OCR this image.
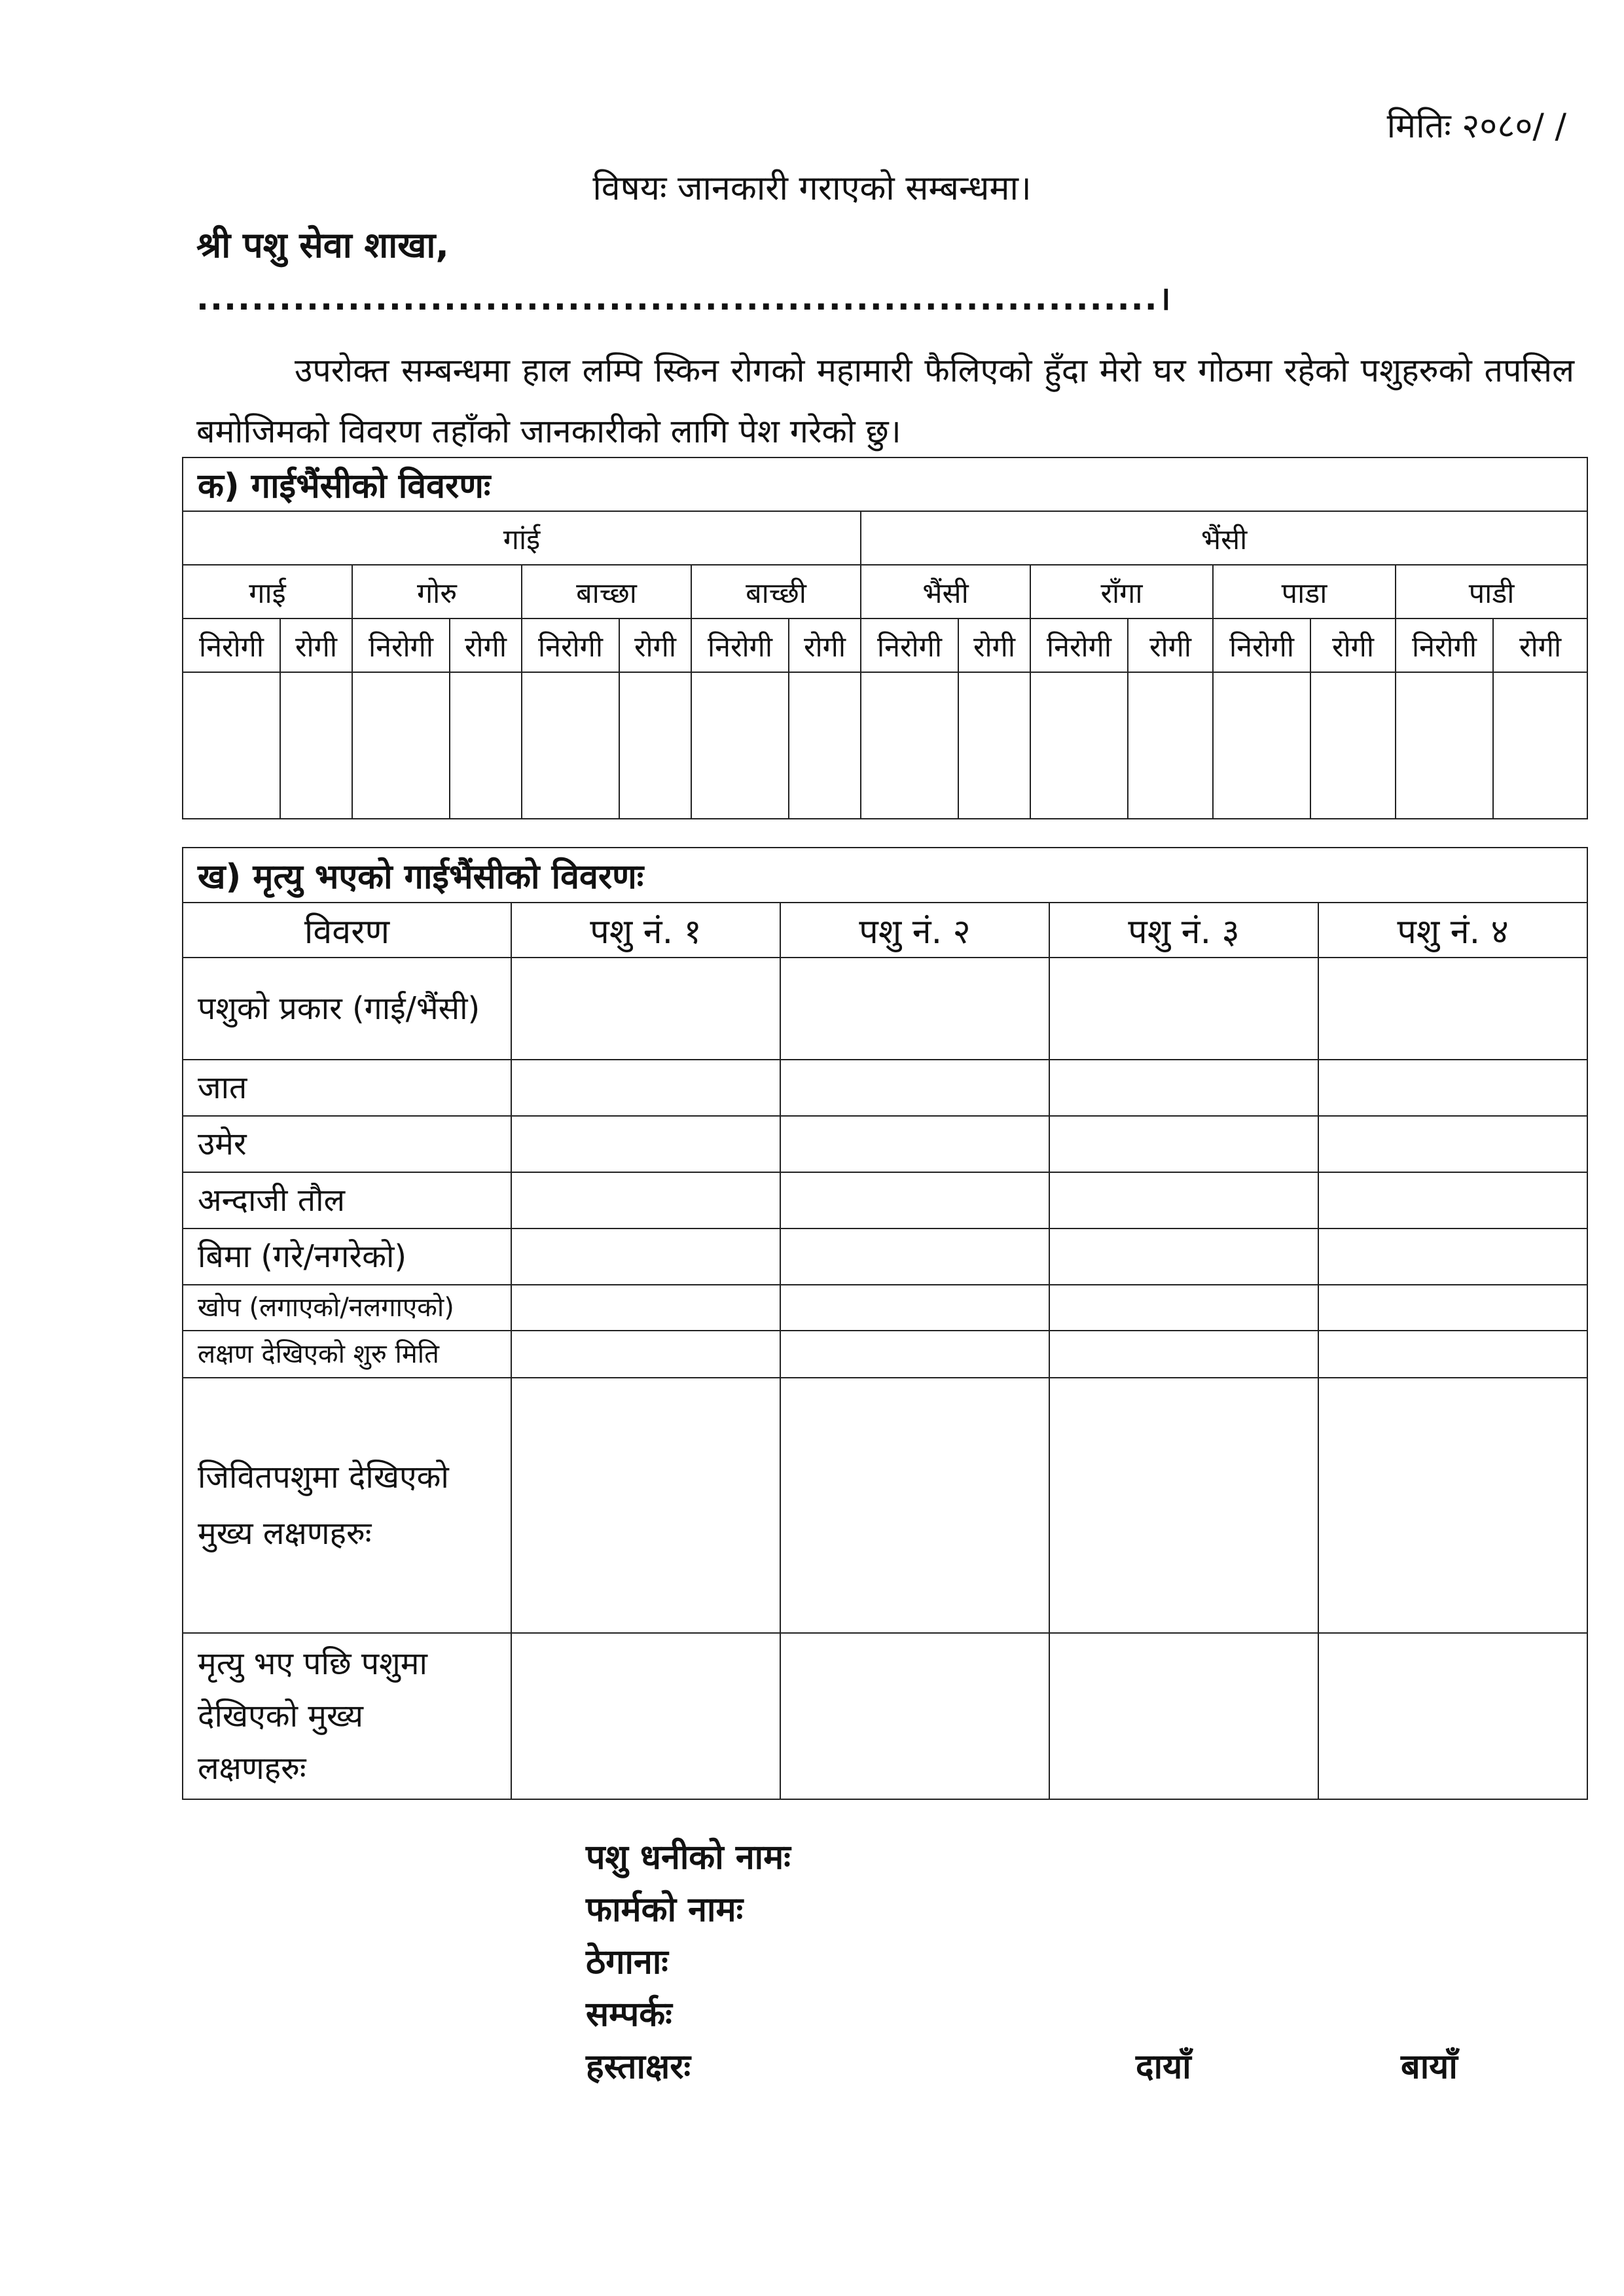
मितिः २०८०/ /
विषयः जानकारी गराएको सम्बन्धमा।
श्री पशु सेवा शाखा,
......................................................................।
उपरोक्त सम्बन्धमा हाल लम्पि स्किन रोगको महामारी फैलिएको हुँदा मेरो घर गोठमा रहेको पशुहरुको तपसिल बमोजिमको विवरण तहाँको जानकारीको लागि पेश गरेको छु।
क) गाईभैंसीको विवरणः															
गांई								भैंसी							
गाई		गोरु		बाच्छा		बाच्छी		भैंसी		राँगा		पाडा		पाडी	
निरोगी	रोगी	निरोगी	रोगी	निरोगी	रोगी	निरोगी	रोगी	निरोगी	रोगी	निरोगी	रोगी	निरोगी	रोगी	निरोगी	रोगी

ख) मृत्यु भएको गाईभैंसीको विवरणः				
विवरण	पशु नं. १	पशु नं. २	पशु नं. ३	पशु नं. ४
पशुको प्रकार (गाई/भैंसी)				
जात				
उमेर				
अन्दाजी तौल				
बिमा (गरे/नगरेको)				
खोप (लगाएको/नलगाएको)				
लक्षण देखिएको शुरु मिति				
जिवितपशुमा देखिएको मुख्य लक्षणहरुः				
मृत्यु भए पछि पशुमा देखिएको मुख्य लक्षणहरुः				
पशु धनीको नामः
फार्मको नामः
ठेगानाः
सम्पर्कः
हस्ताक्षरः	दायाँ	बायाँ
